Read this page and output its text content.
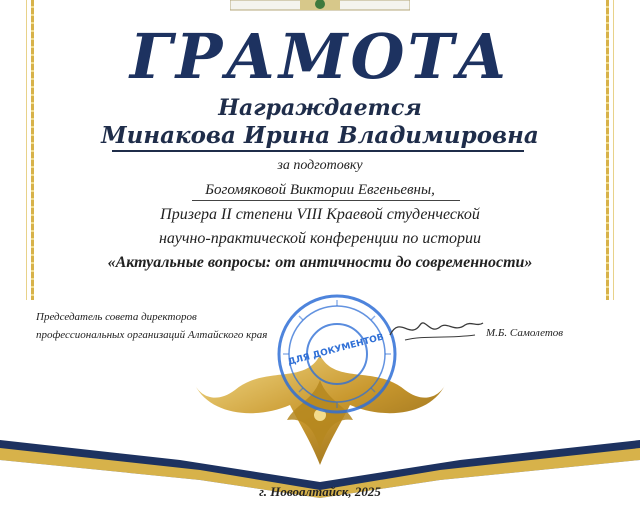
ГРАМОТА

Награждается

Минакова Ирина Владимировна

за подготовку

Богомяковой Виктории Евгеньевны,

Призера II степени VIII Краевой студенческой

научно-практической конференции по истории

«Актуальные вопросы: от античности до современности»

ДЛЯ ДОКУМЕНТОВ

Председатель совета директоров
профессиональных организаций Алтайского края	М.Б. Самолетов

г. Новоалтайск, 2025
